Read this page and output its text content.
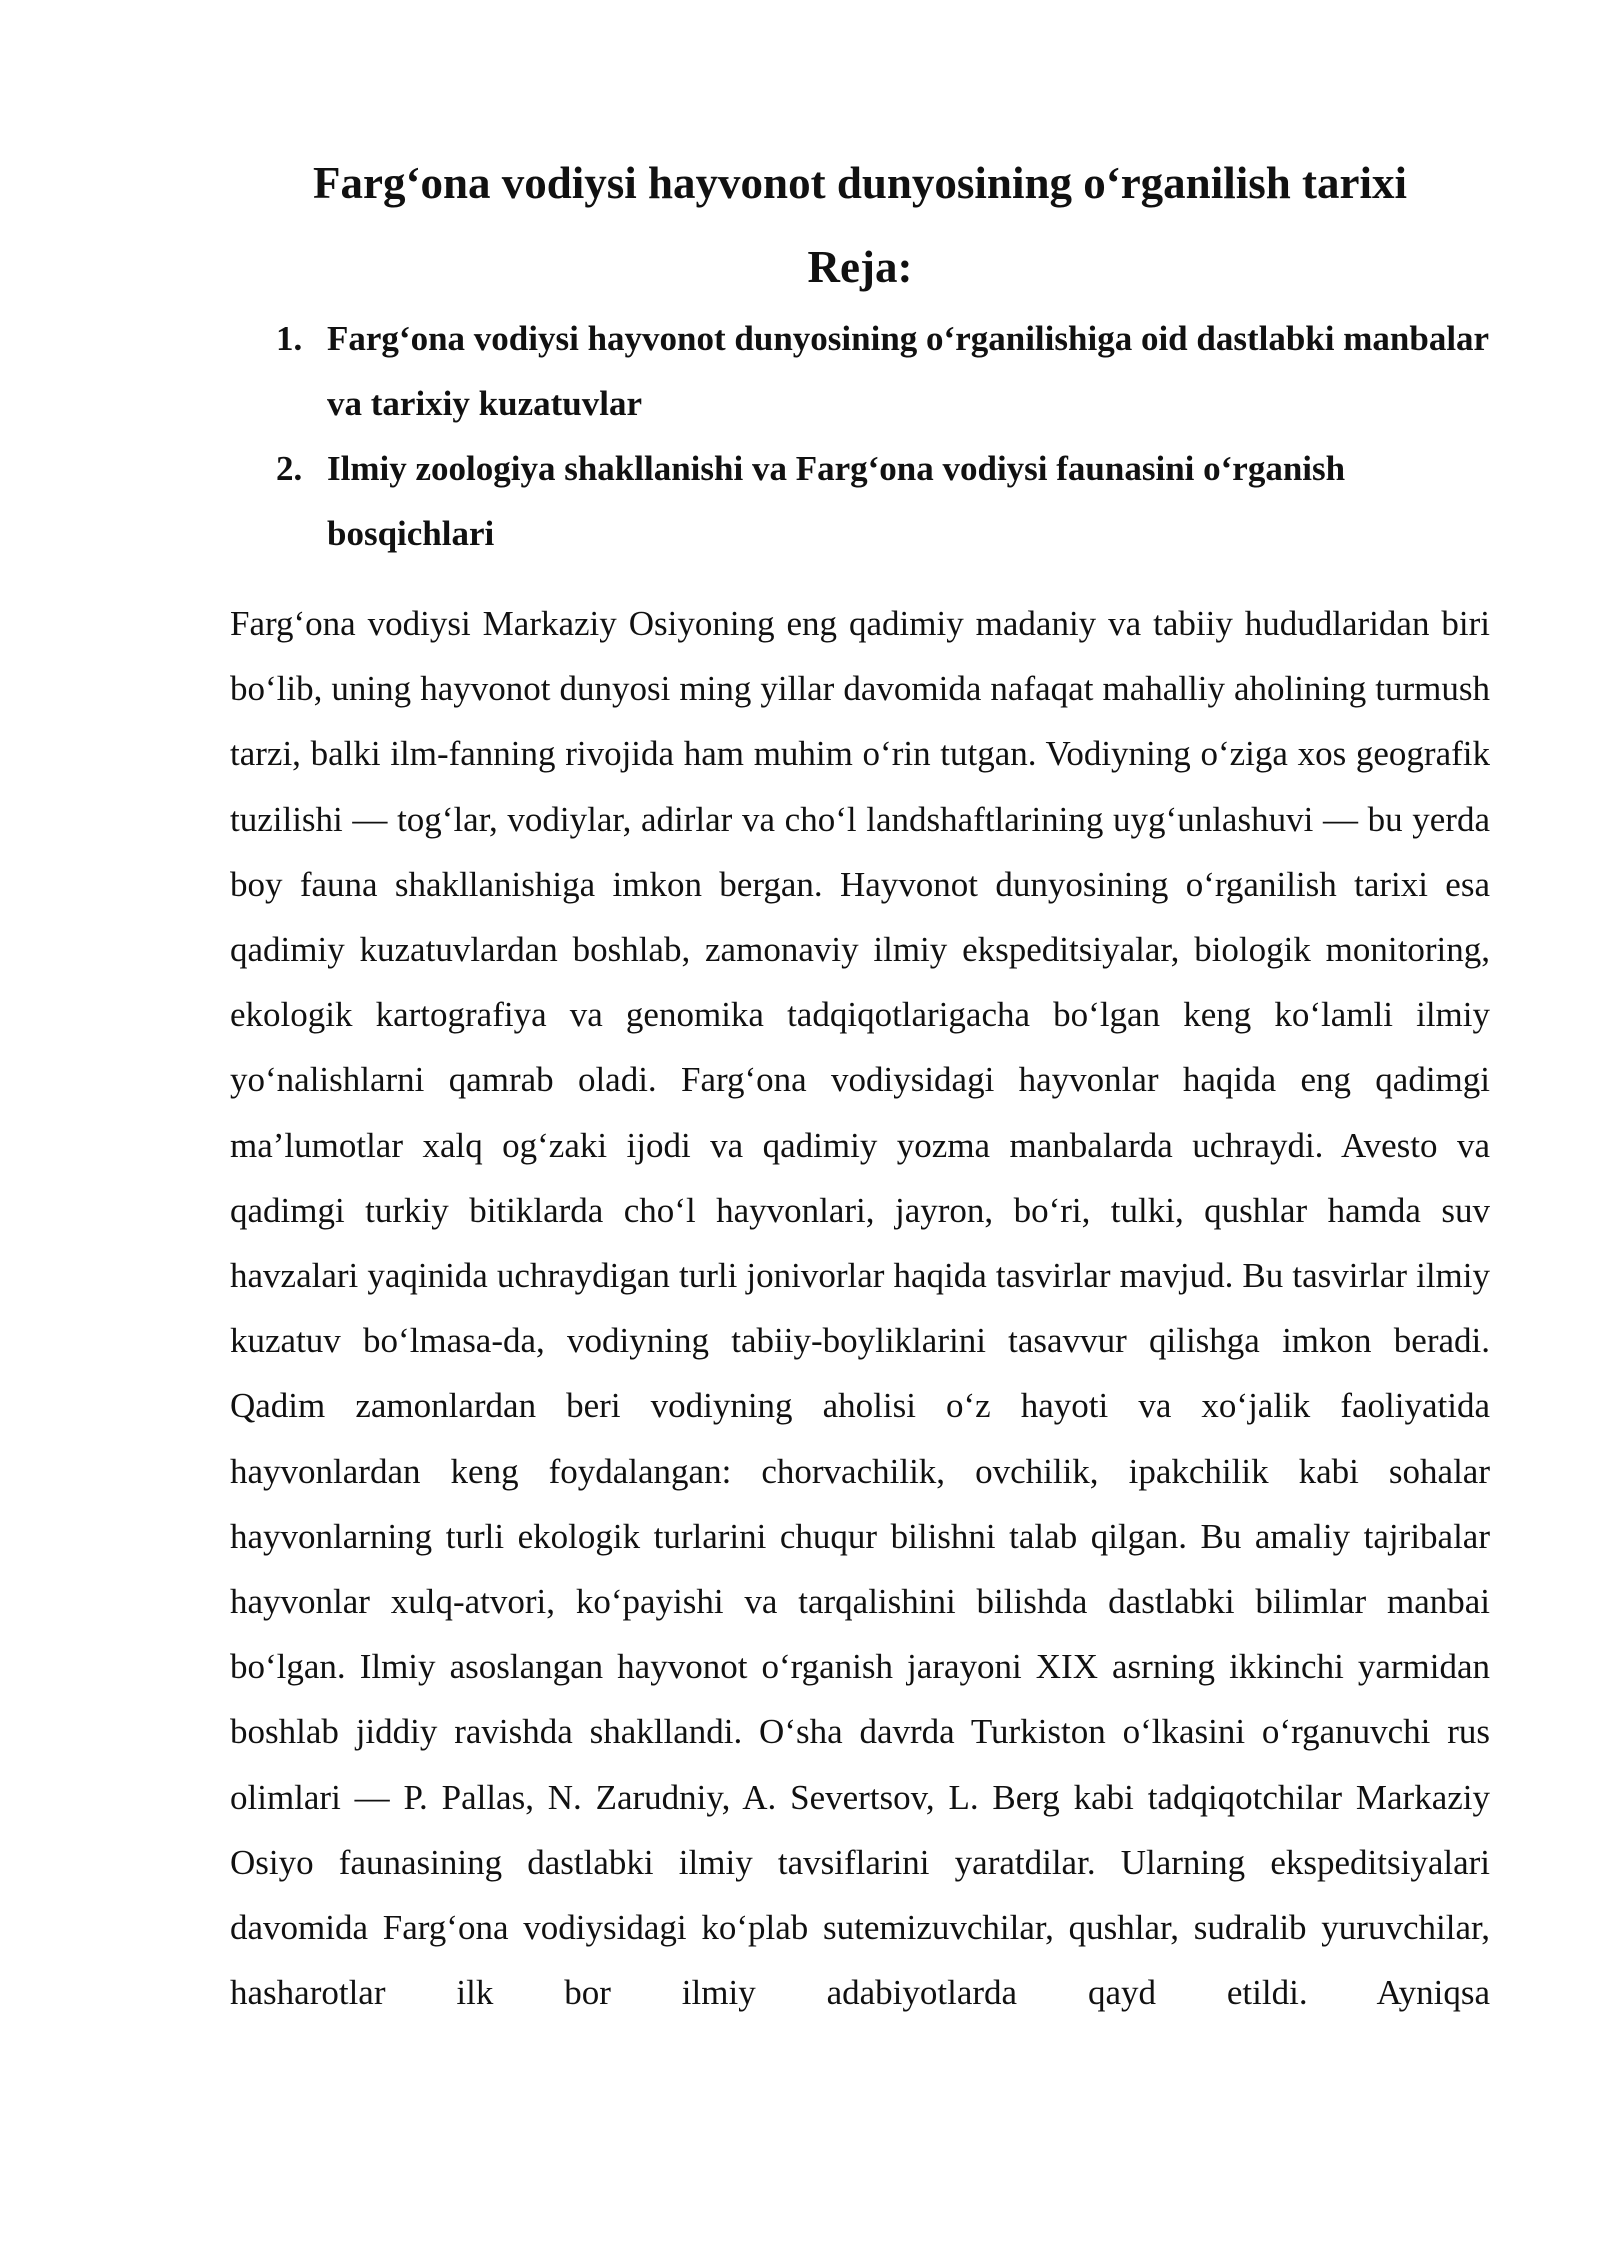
Farg‘ona vodiysi hayvonot dunyosining o‘rganilish tarixi
Reja:
1. Farg‘ona vodiysi hayvonot dunyosining o‘rganilishiga oid dastlabki manbalar va tarixiy kuzatuvlar
2. Ilmiy zoologiya shakllanishi va Farg‘ona vodiysi faunasini o‘rganish bosqichlari

Farg‘ona vodiysi Markaziy Osiyoning eng qadimiy madaniy va tabiiy hududlaridan biri bo‘lib, uning hayvonot dunyosi ming yillar davomida nafaqat mahalliy aholining turmush tarzi, balki ilm-fanning rivojida ham muhim o‘rin tutgan. Vodiyning o‘ziga xos geografik tuzilishi — tog‘lar, vodiylar, adirlar va cho‘l landshaftlarining uyg‘unlashuvi — bu yerda boy fauna shakllanishiga imkon bergan. Hayvonot dunyosining o‘rganilish tarixi esa qadimiy kuzatuvlardan boshlab, zamonaviy ilmiy ekspeditsiyalar, biologik monitoring, ekologik kartografiya va genomika tadqiqotlarigacha bo‘lgan keng ko‘lamli ilmiy yo‘nalishlarni qamrab oladi. Farg‘ona vodiysidagi hayvonlar haqida eng qadimgi ma’lumotlar xalq og‘zaki ijodi va qadimiy yozma manbalarda uchraydi. Avesto va qadimgi turkiy bitiklarda cho‘l hayvonlari, jayron, bo‘ri, tulki, qushlar hamda suv havzalari yaqinida uchraydigan turli jonivorlar haqida tasvirlar mavjud. Bu tasvirlar ilmiy kuzatuv bo‘lmasa-da, vodiyning tabiiy-boyliklarini tasavvur qilishga imkon beradi. Qadim zamonlardan beri vodiyning aholisi o‘z hayoti va xo‘jalik faoliyatida hayvonlardan keng foydalangan: chorvachilik, ovchilik, ipakchilik kabi sohalar hayvonlarning turli ekologik turlarini chuqur bilishni talab qilgan. Bu amaliy tajribalar hayvonlar xulq-atvori, ko‘payishi va tarqalishini bilishda dastlabki bilimlar manbai bo‘lgan. Ilmiy asoslangan hayvonot o‘rganish jarayoni XIX asrning ikkinchi yarmidan boshlab jiddiy ravishda shakllandi. O‘sha davrda Turkiston o‘lkasini o‘rganuvchi rus olimlari — P. Pallas, N. Zarudniy, A. Severtsov, L. Berg kabi tadqiqotchilar Markaziy Osiyo faunasining dastlabki ilmiy tavsiflarini yaratdilar. Ularning ekspeditsiyalari davomida Farg‘ona vodiysidagi ko‘plab sutemizuvchilar, qushlar, sudralib yuruvchilar, hasharotlar ilk bor ilmiy adabiyotlarda qayd etildi. Ayniqsa
